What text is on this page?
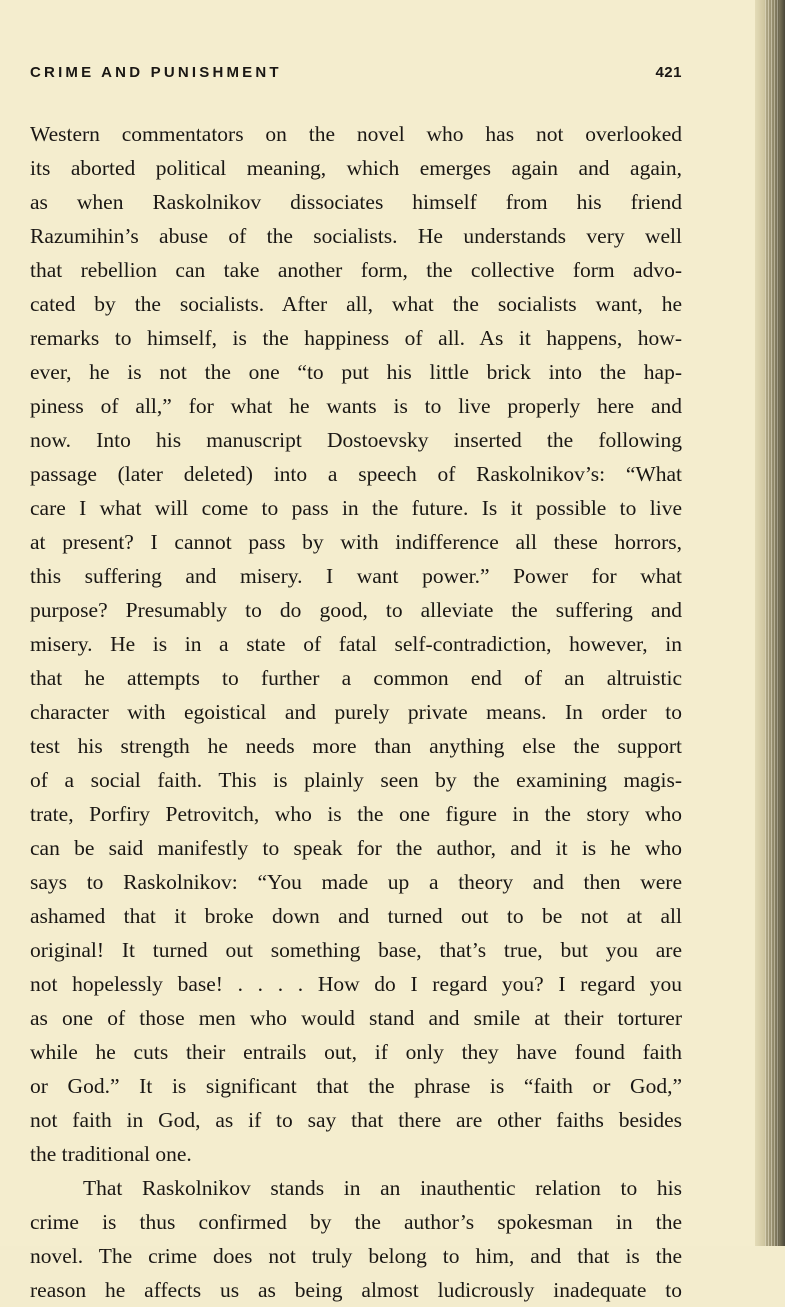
CRIME AND PUNISHMENT	421
Western commentators on the novel who has not overlooked
its aborted political meaning, which emerges again and again,
as when Raskolnikov dissociates himself from his friend
Razumihin’s abuse of the socialists. He understands very well
that rebellion can take another form, the collective form advo-
cated by the socialists. After all, what the socialists want, he
remarks to himself, is the happiness of all. As it happens, how-
ever, he is not the one “to put his little brick into the hap-
piness of all,” for what he wants is to live properly here and
now. Into his manuscript Dostoevsky inserted the following
passage (later deleted) into a speech of Raskolnikov’s: “What
care I what will come to pass in the future. Is it possible to live
at present? I cannot pass by with indifference all these horrors,
this suffering and misery. I want power.” Power for what
purpose? Presumably to do good, to alleviate the suffering and
misery. He is in a state of fatal self-contradiction, however, in
that he attempts to further a common end of an altruistic
character with egoistical and purely private means. In order to
test his strength he needs more than anything else the support
of a social faith. This is plainly seen by the examining magis-
trate, Porfiry Petrovitch, who is the one figure in the story who
can be said manifestly to speak for the author, and it is he who
says to Raskolnikov: “You made up a theory and then were
ashamed that it broke down and turned out to be not at all
original! It turned out something base, that’s true, but you are
not hopelessly base! . . . . How do I regard you? I regard you
as one of those men who would stand and smile at their torturer
while he cuts their entrails out, if only they have found faith
or God.” It is significant that the phrase is “faith or God,”
not faith in God, as if to say that there are other faiths besides
the traditional one.
That Raskolnikov stands in an inauthentic relation to his
crime is thus confirmed by the author’s spokesman in the
novel. The crime does not truly belong to him, and that is the
reason he affects us as being almost ludicrously inadequate to
